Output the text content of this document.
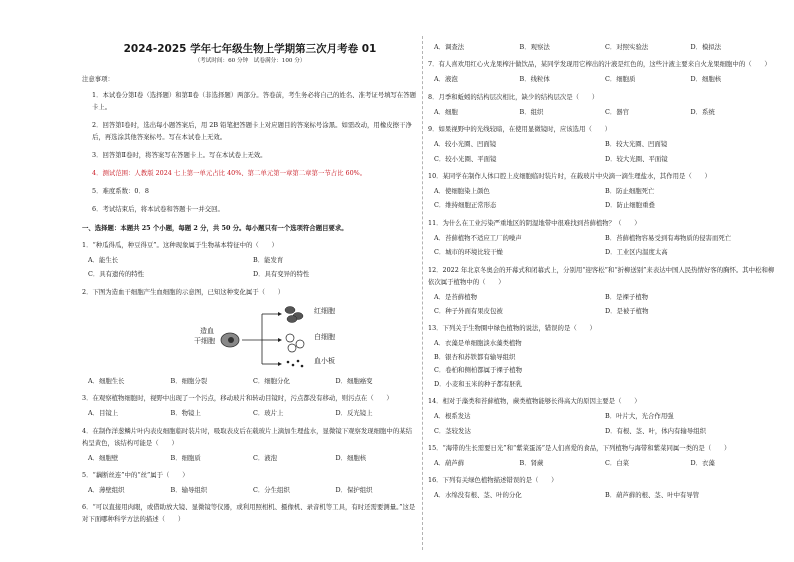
2024-2025 学年七年级生物上学期第三次月考卷 01
（考试时间：60 分钟　试卷满分：100 分）
注意事项：
1．本试卷分第Ⅰ卷（选择题）和第Ⅱ卷（非选择题）两部分。答卷前，考生务必将自己的姓名、准考证号填写在答题卡上。
2．回答第Ⅰ卷时，选出每小题答案后，用 2B 铅笔把答题卡上对应题目的答案标号涂黑。如需改动，用橡皮擦干净后，再选涂其他答案标号。写在本试卷上无效。
3．回答第Ⅱ卷时，将答案写在答题卡上。写在本试卷上无效。
4．测试范围：人教版 2024 七上第一单元占比 40%、第二单元第一章第二章第一节占比 60%。
5．难度系数：0．8
6．考试结束后，将本试卷和答题卡一并交回。
一、选择题：本题共 25 个小题，每题 2 分，共 50 分。每小题只有一个选项符合题目要求。
1．“种瓜得瓜，种豆得豆”。这种现象属于生物基本特征中的（　　）
A．能生长	B．能发育
C．具有遗传的特性	D．具有变异的特性
2．下图为造血干细胞产生血细胞的示意图，已知这种变化属于（　　）
造血
干细胞
红细胞
白细胞
血小板
A．细胞生长	B．细胞分裂	C．细胞分化	D．细胞癌变
3．在观察植物细胞时，视野中出现了一个污点，移动玻片和转动目镜时，污点都没有移动，则污点在（　　）
A．目镜上	B．物镜上	C．玻片上	D．反光镜上
4．在制作洋葱鳞片叶内表皮细胞临时装片时，吸取表皮后在载玻片上滴加生理盐水，显微镜下观察发现细胞中的某结构呈黄色，该结构可能是（　　）
A．细胞壁	B．细胞质	C．液泡	D．细胞核
5．“藕断丝连”中的“丝”属于（　　）
A．薄壁组织	B．输导组织	C．分生组织	D．保护组织
6．“可以直接用肉眼，或借助放大镜、显微镜等仪器，或利用照相机、摄像机、录音机等工具，有时还需要测量。”这是对下面哪种科学方法的描述（　　）
A．调查法	B．观察法	C．对照实验法	D．模拟法
7．有人喜欢用红心火龙果榨汁做饮品，某同学发现用它榨出的汁液是红色的，这些汁液主要来自火龙果细胞中的（　　）
A．液泡	B．线粒体	C．细胞质	D．细胞核
8．月季和蚯蚓的结构层次相比，缺少的结构层次是（　　）
A．细胞	B．组织	C．器官	D．系统
9．如果视野中的光线较暗，在使用显微镜时，应该选用（　　）
A．较小光圈、凹面镜	B．较大光圈、凹面镜
C．较小光圈、平面镜	D．较大光圈、平面镜
10．某同学在制作人体口腔上皮细胞临时装片时，在载玻片中央滴一滴生理盐水，其作用是（　　）
A．使细胞染上颜色	B．防止细胞死亡
C．维持细胞正常形态	D．防止细胞重叠
11．为什么在工业污染严重地区的阴湿地带中很难找到苔藓植物？（　　）
A．苔藓植物不适应工厂的噪声	B．苔藓植物容易受到有毒物质的侵害而死亡
C．城市的环境比较干燥	D．工业区内温度太高
12．2022 年北京冬奥会的开幕式和闭幕式上，分别用“迎客松”和“折柳送别”来表达中国人民热情好客的胸怀。其中松和柳依次属于植物中的（　　）
A．是苔藓植物	B．是裸子植物
C．种子外面有果皮包被	D．是被子植物
13．下列关于生物圈中绿色植物的说法，错误的是（　　）
A．衣藻是单细胞淡水藻类植物
B．银杏和苏铁都有输导组织
C．卷柏和侧柏都属于裸子植物
D．小麦和玉米的种子都有胚乳
14．相对于藻类和苔藓植物，蕨类植物能够长得高大的原因主要是（　　）
A．根系发达	B．叶片大，光合作用强
C．茎较发达	D．有根、茎、叶，体内有输导组织
15．“海带的生长需要日光”和“紫菜蛋汤”是人们喜爱的食品，下列植物与海带和紫菜同属一类的是（　　）
A．葫芦藓	B．肾蕨	C．白菜	D．衣藻
16．下列有关绿色植物描述错误的是（　　）
A．水绵没有根、茎、叶的分化	B．葫芦藓的根、茎、叶中有导管
